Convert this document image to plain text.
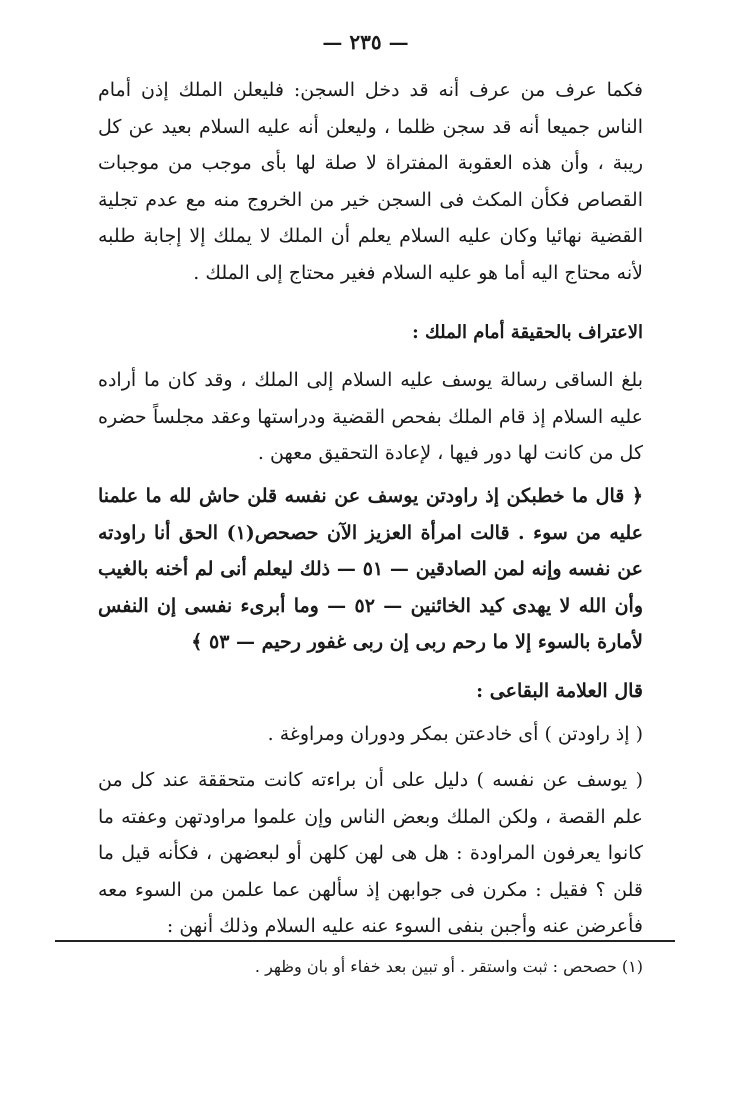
— ٢٣٥ —

فكما عرف من عرف أنه قد دخل السجن: فليعلن الملك إذن أمام الناس جميعا أنه قد سجن ظلما ، وليعلن أنه عليه السلام بعيد عن كل ريبة ، وأن هذه العقوبة المفتراة لا صلة لها بأى موجب من موجبات القصاص فكأن المكث فى السجن خير من الخروج منه مع عدم تجلية القضية نهائيا وكان عليه السلام يعلم أن الملك لا يملك إلا إجابة طلبه لأنه محتاج اليه أما هو عليه السلام فغير محتاج إلى الملك .

الاعتراف بالحقيقة أمام الملك :

بلغ الساقى رسالة يوسف عليه السلام إلى الملك ، وقد كان ما أراده عليه السلام إذ قام الملك بفحص القضية ودراستها وعقد مجلساً حضره كل من كانت لها دور فيها ، لإعادة التحقيق معهن .

﴿ قال ما خطبكن إذ راودتن يوسف عن نفسه قلن حاش لله ما علمنا عليه من سوء . قالت امرأة العزيز الآن حصحص(١) الحق أنا راودته عن نفسه وإنه لمن الصادقين — ٥١ — ذلك ليعلم أنى لم أخنه بالغيب وأن الله لا يهدى كيد الخائنين — ٥٢ — وما أبرىء نفسى إن النفس لأمارة بالسوء إلا ما رحم ربى إن ربى غفور رحيم — ٥٣ ﴾

قال العلامة البقاعى :

( إذ راودتن ) أى خادعتن بمكر ودوران ومراوغة .

( يوسف عن نفسه ) دليل على أن براءته كانت متحققة عند كل من علم القصة ، ولكن الملك وبعض الناس وإن علموا مراودتهن وعفته ما كانوا يعرفون المراودة : هل هى لهن كلهن أو لبعضهن ، فكأنه قيل ما قلن ؟ فقيل : مكرن فى جوابهن إذ سألهن عما علمن من السوء معه فأعرضن عنه وأجبن بنفى السوء عنه عليه السلام وذلك أنهن :

(١) حصحص : ثبت واستقر . أو تبين بعد خفاء أو بان وظهر .
